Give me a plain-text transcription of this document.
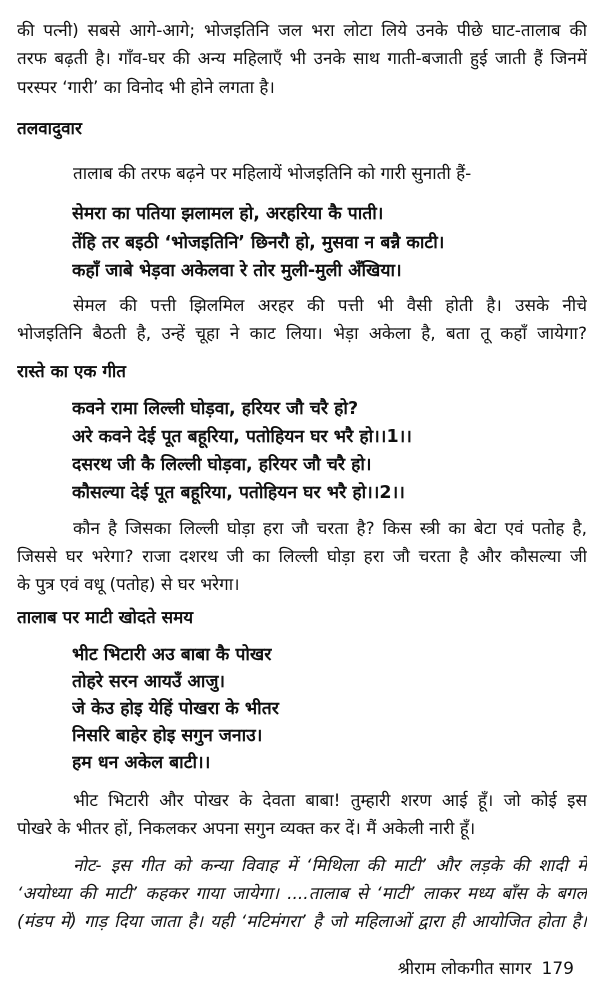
की पत्नी) सबसे आगे-आगे; भोजइतिनि जल भरा लोटा लिये उनके पीछे घाट-तालाब की
तरफ बढ़ती है। गाँव-घर की अन्य महिलाएँ भी उनके साथ गाती-बजाती हुई जाती हैं जिनमें
परस्पर ‘गारी’ का विनोद भी होने लगता है।
तलवादुवार
तालाब की तरफ बढ़ने पर महिलायें भोजइतिनि को गारी सुनाती हैं-
सेमरा का पतिया झलामल हो, अरहरिया कै पाती।
तेंहि तर बइठी ‘भोजइतिनि’ छिनरौ हो, मुसवा न बन्नै काटी।
कहाँ जाबे भेड़वा अकेलवा रे तोर मुली-मुली अँखिया।
सेमल की पत्ती झिलमिल अरहर की पत्ती भी वैसी होती है। उसके नीचे
भोजइतिनि बैठती है, उन्हें चूहा ने काट लिया। भेड़ा अकेला है, बता तू कहाँ जायेगा?
रास्ते का एक गीत
कवने रामा लिल्ली घोड़वा, हरियर जौ चरै हो?
अरे कवने देई पूत बहूरिया, पतोहियन घर भरै हो।।1।।
दसरथ जी कै लिल्ली घोड़वा, हरियर जौ चरै हो।
कौसल्या देई पूत बहूरिया, पतोहियन घर भरै हो।।2।।
कौन है जिसका लिल्ली घोड़ा हरा जौ चरता है? किस स्त्री का बेटा एवं पतोह है,
जिससे घर भरेगा? राजा दशरथ जी का लिल्ली घोड़ा हरा जौ चरता है और कौसल्या जी
के पुत्र एवं वधू (पतोह) से घर भरेगा।
तालाब पर माटी खोदते समय
भीट भिटारी अउ बाबा कै पोखर
तोहरे सरन आयउँ आजु।
जे केउ होइ येहिं पोखरा के भीतर
निसरि बाहेर होइ सगुन जनाउ।
हम धन अकेल बाटी।।
भीट भिटारी और पोखर के देवता बाबा! तुम्हारी शरण आई हूँ। जो कोई इस
पोखरे के भीतर हों, निकलकर अपना सगुन व्यक्त कर दें। मैं अकेली नारी हूँ।
नोट- इस गीत को कन्या विवाह में ‘मिथिला की माटी’ और लड़के की शादी में
‘अयोध्या की माटी’ कहकर गाया जायेगा। ....तालाब से ‘माटी’ लाकर मध्य बाँस के बगल
(मंडप में) गाड़ दिया जाता है। यही ‘मटिमंगरा’ है जो महिलाओं द्वारा ही आयोजित होता है।
श्रीराम लोकगीत सागर 179
